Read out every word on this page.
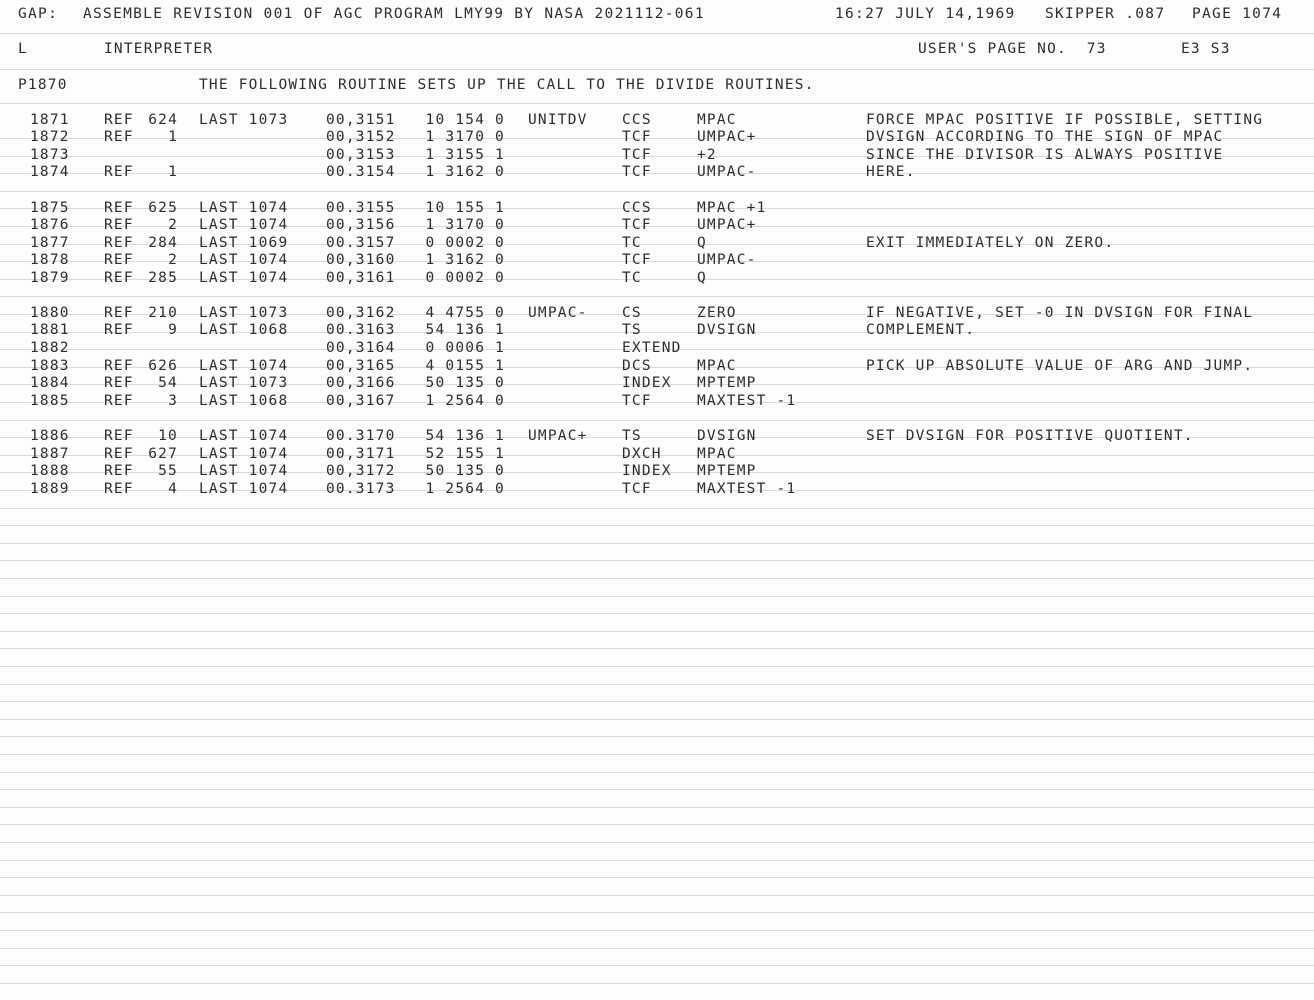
GAP: ASSEMBLE REVISION 001 OF AGC PROGRAM LMY99 BY NASA 2021112-061	16:27 JULY 14,1969 SKIPPER .087 PAGE 1074
L	INTERPRETER	USER'S PAGE NO.  73	E3 S3
P1870	THE FOLLOWING ROUTINE SETS UP THE CALL TO THE DIVIDE ROUTINES.
1871 REF 624 LAST 1073	00,3151 10 154 0 UNITDV CCS	MPAC	FORCE MPAC POSITIVE IF POSSIBLE, SETTING
1872 REF 1	00,3152 1 3170 0	TCF	UMPAC+	DVSIGN ACCORDING TO THE SIGN OF MPAC
1873	00,3153 1 3155 1	TCF	+2	SINCE THE DIVISOR IS ALWAYS POSITIVE
1874 REF 1	00.3154 1 3162 0	TCF	UMPAC-	HERE.
1875 REF 625 LAST 1074	00.3155 10 155 1	CCS	MPAC +1
1876 REF 2 LAST 1074	00,3156 1 3170 0	TCF	UMPAC+
1877 REF 284 LAST 1069	00.3157 0 0002 0	TC	Q	EXIT IMMEDIATELY ON ZERO.
1878 REF 2 LAST 1074	00,3160 1 3162 0	TCF	UMPAC-
1879 REF 285 LAST 1074	00,3161 0 0002 0	TC	Q
1880 REF 210 LAST 1073	00,3162 4 4755 0 UMPAC- CS	ZERO	IF NEGATIVE, SET -0 IN DVSIGN FOR FINAL
1881 REF 9 LAST 1068	00.3163 54 136 1	TS	DVSIGN	COMPLEMENT.
1882	00,3164 0 0006 1	EXTEND
1883 REF 626 LAST 1074	00,3165 4 0155 1	DCS	MPAC	PICK UP ABSOLUTE VALUE OF ARG AND JUMP.
1884 REF 54 LAST 1073	00,3166 50 135 0	INDEX MPTEMP
1885 REF 3 LAST 1068	00,3167 1 2564 0	TCF	MAXTEST -1
1886 REF 10 LAST 1074	00.3170 54 136 1 UMPAC+ TS	DVSIGN	SET DVSIGN FOR POSITIVE QUOTIENT.
1887 REF 627 LAST 1074	00,3171 52 155 1	DXCH MPAC
1888 REF 55 LAST 1074	00,3172 50 135 0	INDEX MPTEMP
1889 REF 4 LAST 1074	00.3173 1 2564 0	TCF	MAXTEST -1
